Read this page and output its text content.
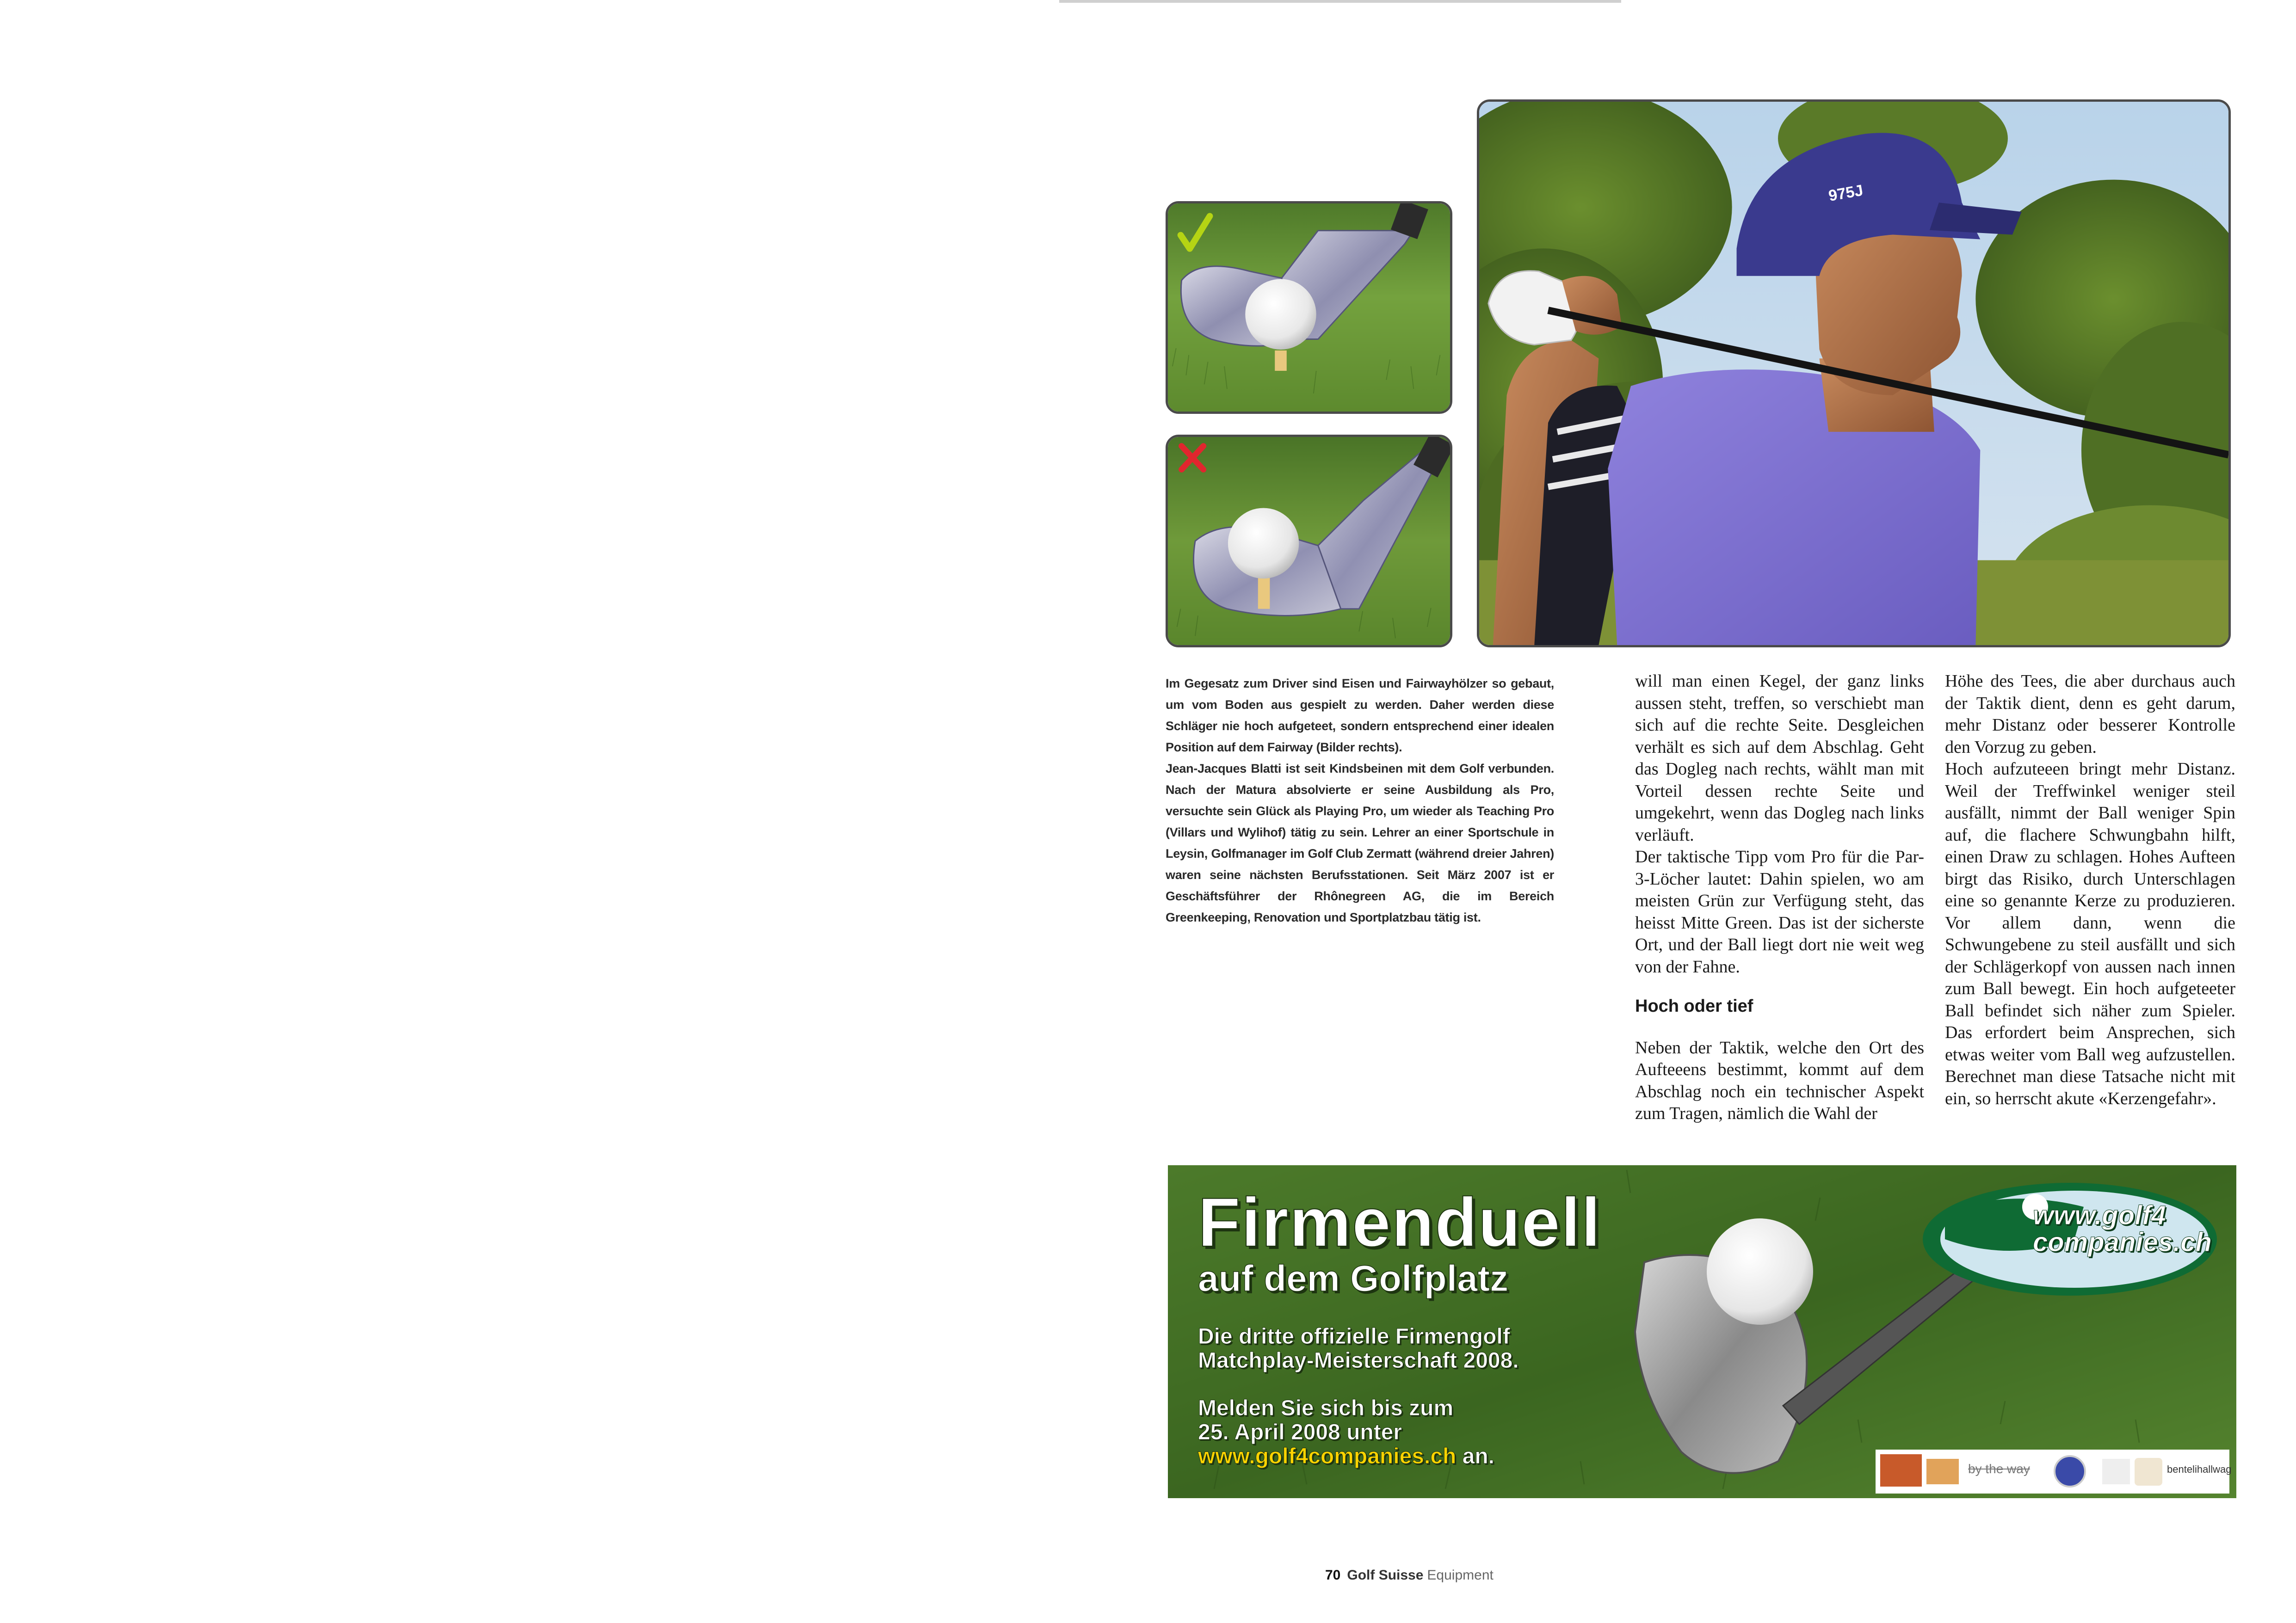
975J

Im Gegesatz zum Driver sind Eisen und Fairwayhölzer so gebaut, um vom Boden aus gespielt zu werden. Daher werden diese Schläger nie hoch aufgeteet, sondern entsprechend einer idealen Position auf dem Fairway (Bilder rechts).

Jean-Jacques Blatti ist seit Kindsbeinen mit dem Golf verbunden. Nach der Matura absolvierte er seine Ausbildung als Pro, versuchte sein Glück als Playing Pro, um wieder als Teaching Pro (Villars und Wylihof) tätig zu sein. Lehrer an einer Sportschule in Leysin, Golfmanager im Golf Club Zermatt (während dreier Jahren) waren seine nächsten Berufsstationen. Seit März 2007 ist er Geschäftsführer der Rhônegreen AG, die im Bereich Greenkeeping, Renovation und Sportplatzbau tätig ist.

will man einen Kegel, der ganz links aussen steht, treffen, so verschiebt man sich auf die rechte Seite. Desgleichen verhält es sich auf dem Abschlag. Geht das Dogleg nach rechts, wählt man mit Vorteil dessen rechte Seite und umgekehrt, wenn das Dogleg nach links verläuft.

Der taktische Tipp vom Pro für die Par-3-Löcher lautet: Dahin spielen, wo am meisten Grün zur Verfügung steht, das heisst Mitte Green. Das ist der sicherste Ort, und der Ball liegt dort nie weit weg von der Fahne.

Hoch oder tief

Neben der Taktik, welche den Ort des Aufteeens bestimmt, kommt auf dem Abschlag noch ein technischer Aspekt zum Tragen, nämlich die Wahl der

Höhe des Tees, die aber durchaus auch der Taktik dient, denn es geht darum, mehr Distanz oder besserer Kontrolle den Vorzug zu geben.

Hoch aufzuteeen bringt mehr Distanz. Weil der Treffwinkel weniger steil ausfällt, nimmt der Ball weniger Spin auf, die flachere Schwungbahn hilft, einen Draw zu schlagen. Hohes Aufteen birgt das Risiko, durch Unterschlagen eine so genannte Kerze zu produzieren. Vor allem dann, wenn die Schwungebene zu steil ausfällt und sich der Schlägerkopf von aussen nach innen zum Ball bewegt. Ein hoch aufgeteeter Ball befindet sich näher zum Spieler. Das erfordert beim Ansprechen, sich etwas weiter vom Ball weg aufzustellen. Berechnet man diese Tatsache nicht mit ein, so herrscht akute «Kerzengefahr».

www.golf4
companies.ch
Firmenduell
auf dem Golfplatz
Die dritte offizielle Firmengolf
Matchplay-Meisterschaft 2008.
Melden Sie sich bis zum
25. April 2008 unter
www.golf4companies.ch an.
by the way	bentelihallwag
70 Golf Suisse Equipment
